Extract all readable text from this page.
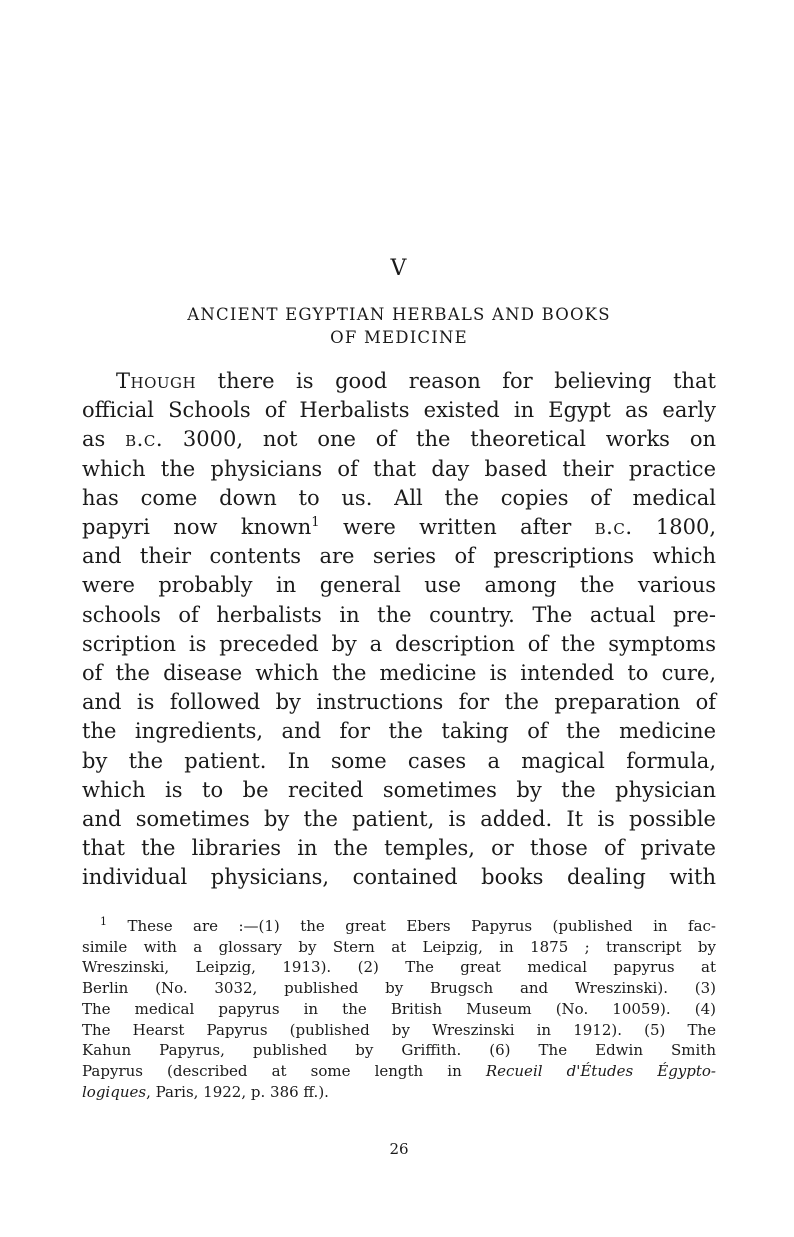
V
ANCIENT EGYPTIAN HERBALS AND BOOKS
OF MEDICINE
Though there is good reason for believing that
official Schools of Herbalists existed in Egypt as early
as b.c. 3000, not one of the theoretical works on
which the physicians of that day based their practice
has come down to us. All the copies of medical
papyri now known$^1$ were written after b.c. 1800,
and their contents are series of prescriptions which
were probably in general use among the various
schools of herbalists in the country. The actual pre-
scription is preceded by a description of the symptoms
of the disease which the medicine is intended to cure,
and is followed by instructions for the preparation of
the ingredients, and for the taking of the medicine
by the patient. In some cases a magical formula,
which is to be recited sometimes by the physician
and sometimes by the patient, is added. It is possible
that the libraries in the temples, or those of private
individual physicians, contained books dealing with
$^1$ These are :—(1) the great Ebers Papyrus (published in fac-
simile with a glossary by Stern at Leipzig, in 1875 ; transcript by
Wreszinski, Leipzig, 1913). (2) The great medical papyrus at
Berlin (No. 3032, published by Brugsch and Wreszinski). (3)
The medical papyrus in the British Museum (No. 10059). (4)
The Hearst Papyrus (published by Wreszinski in 1912). (5) The
Kahun Papyrus, published by Griffith. (6) The Edwin Smith
Papyrus (described at some length in Recueil d'Études Égypto-
logiques, Paris, 1922, p. 386 ff.).
26
